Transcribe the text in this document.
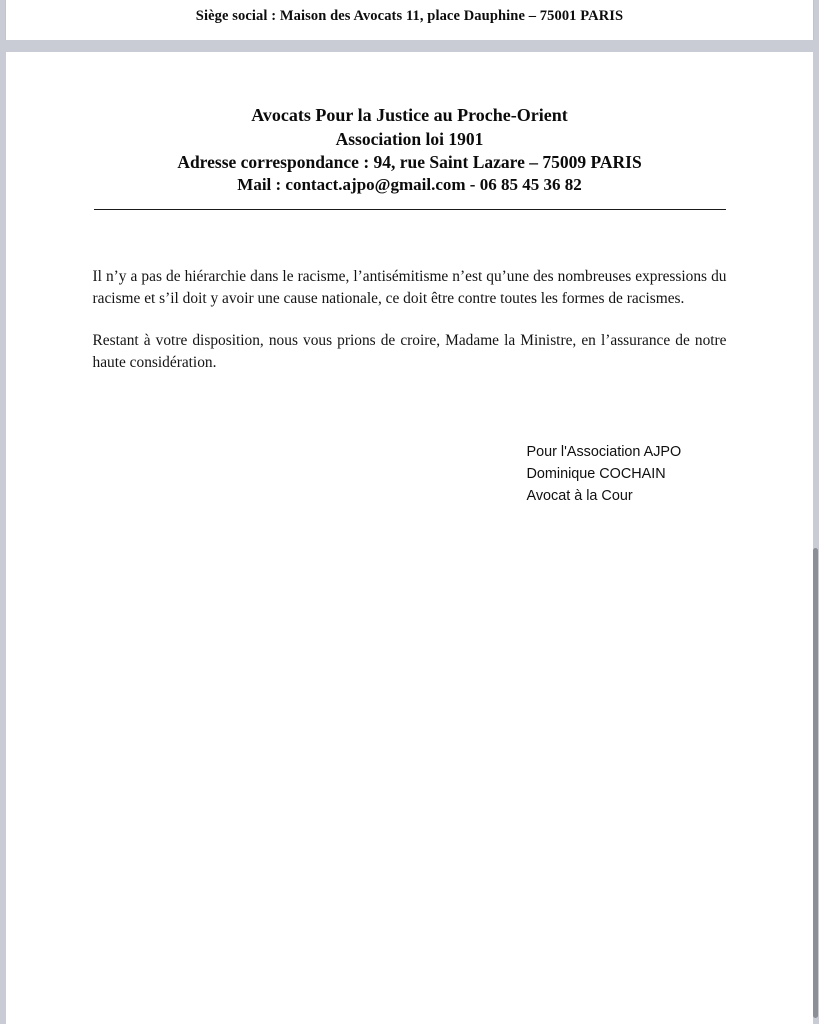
Siège social : Maison des Avocats 11, place Dauphine – 75001 PARIS
Avocats Pour la Justice au Proche-Orient
Association loi 1901
Adresse correspondance : 94, rue Saint Lazare – 75009 PARIS
Mail : contact.ajpo@gmail.com - 06 85 45 36 82

Il n’y a pas de hiérarchie dans le racisme, l’antisémitisme n’est qu’une des nombreuses expressions du racisme et s’il doit y avoir une cause nationale, ce doit être contre toutes les formes de racismes.

Restant à votre disposition, nous vous prions de croire, Madame la Ministre, en l’assurance de notre haute considération.

Pour l'Association AJPO
Dominique COCHAIN
Avocat à la Cour
